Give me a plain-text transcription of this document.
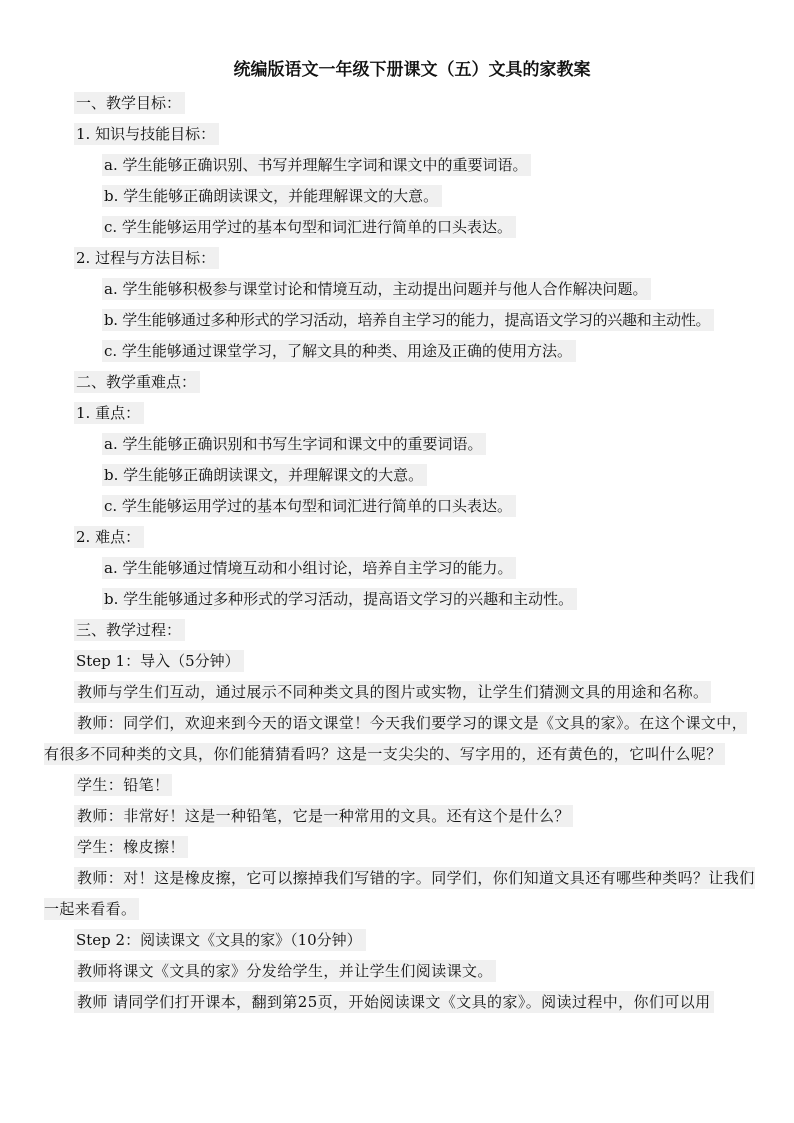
统编版语文一年级下册课文（五）文具的家教案
一、教学目标：
1. 知识与技能目标：
a. 学生能够正确识别、书写并理解生字词和课文中的重要词语。
b. 学生能够正确朗读课文，并能理解课文的大意。
c. 学生能够运用学过的基本句型和词汇进行简单的口头表达。
2. 过程与方法目标：
a. 学生能够积极参与课堂讨论和情境互动，主动提出问题并与他人合作解决问题。
b. 学生能够通过多种形式的学习活动，培养自主学习的能力，提高语文学习的兴趣和主动性。
c. 学生能够通过课堂学习，了解文具的种类、用途及正确的使用方法。
二、教学重难点：
1. 重点：
a. 学生能够正确识别和书写生字词和课文中的重要词语。
b. 学生能够正确朗读课文，并理解课文的大意。
c. 学生能够运用学过的基本句型和词汇进行简单的口头表达。
2. 难点：
a. 学生能够通过情境互动和小组讨论，培养自主学习的能力。
b. 学生能够通过多种形式的学习活动，提高语文学习的兴趣和主动性。
三、教学过程：
Step 1：导入（5分钟）

教师与学生们互动，通过展示不同种类文具的图片或实物，让学生们猜测文具的用途和名称。

教师：同学们，欢迎来到今天的语文课堂！今天我们要学习的课文是《文具的家》。在这个课文中，有很多不同种类的文具，你们能猜猜看吗？这是一支尖尖的、写字用的，还有黄色的，它叫什么呢？

学生：铅笔！

教师：非常好！这是一种铅笔，它是一种常用的文具。还有这个是什么？

学生：橡皮擦！

教师：对！这是橡皮擦，它可以擦掉我们写错的字。同学们，你们知道文具还有哪些种类吗？让我们一起来看看。

Step 2：阅读课文《文具的家》（10分钟）

教师将课文《文具的家》分发给学生，并让学生们阅读课文。

教师 请同学们打开课本，翻到第25页，开始阅读课文《文具的家》。阅读过程中，你们可以用
